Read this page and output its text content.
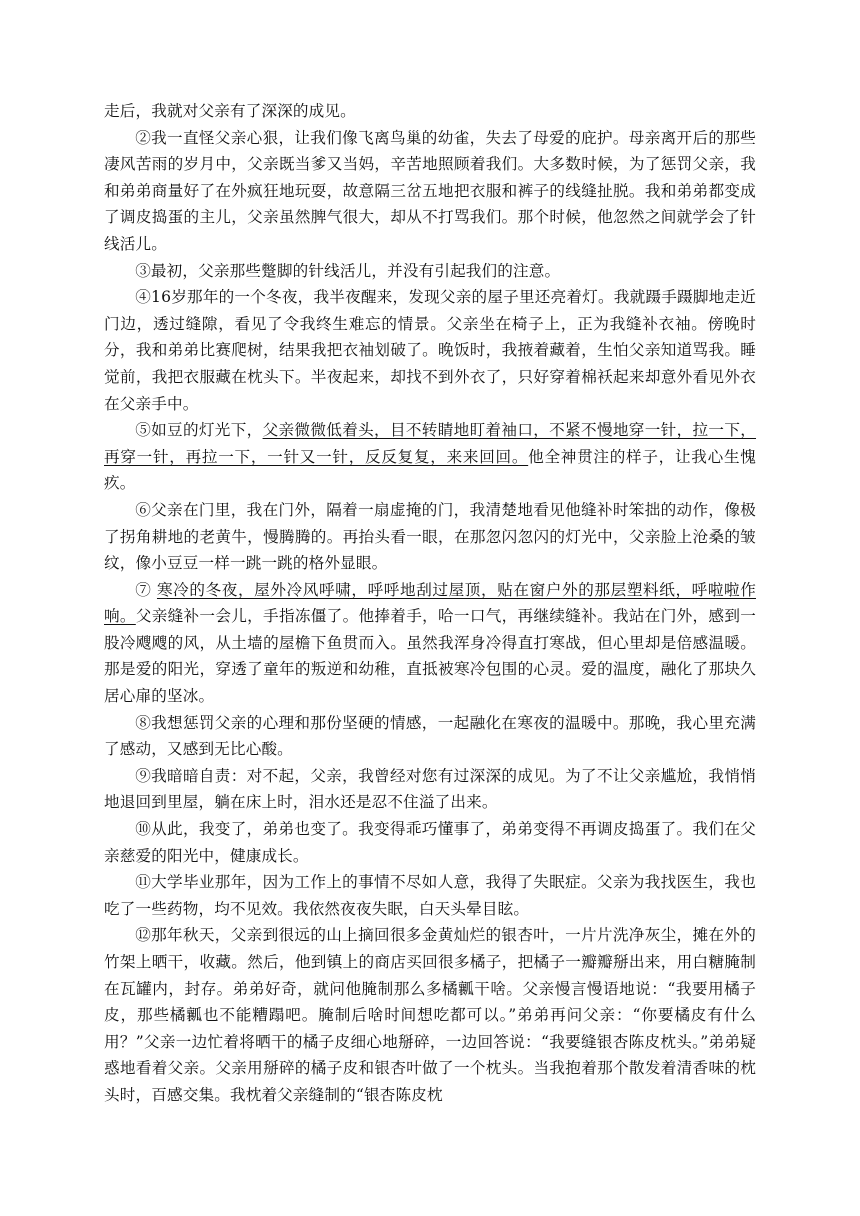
走后，我就对父亲有了深深的成见。

②我一直怪父亲心狠，让我们像飞离鸟巢的幼雀，失去了母爱的庇护。母亲离开后的那些凄风苦雨的岁月中，父亲既当爹又当妈，辛苦地照顾着我们。大多数时候，为了惩罚父亲，我和弟弟商量好了在外疯狂地玩耍，故意隔三岔五地把衣服和裤子的线缝扯脱。我和弟弟都变成了调皮捣蛋的主儿，父亲虽然脾气很大，却从不打骂我们。那个时候，他忽然之间就学会了针线活儿。

③最初，父亲那些蹩脚的针线活儿，并没有引起我们的注意。

④16岁那年的一个冬夜，我半夜醒来，发现父亲的屋子里还亮着灯。我就蹑手蹑脚地走近门边，透过缝隙，看见了令我终生难忘的情景。父亲坐在椅子上，正为我缝补衣袖。傍晚时分，我和弟弟比赛爬树，结果我把衣袖划破了。晚饭时，我掖着藏着，生怕父亲知道骂我。睡觉前，我把衣服藏在枕头下。半夜起来，却找不到外衣了，只好穿着棉袄起来却意外看见外衣在父亲手中。

⑤如豆的灯光下，父亲微微低着头，目不转睛地盯着袖口，不紧不慢地穿一针，拉一下，再穿一针，再拉一下，一针又一针，反反复复，来来回回。他全神贯注的样子，让我心生愧疚。

⑥父亲在门里，我在门外，隔着一扇虚掩的门，我清楚地看见他缝补时笨拙的动作，像极了拐角耕地的老黄牛，慢腾腾的。再抬头看一眼，在那忽闪忽闪的灯光中，父亲脸上沧桑的皱纹，像小豆豆一样一跳一跳的格外显眼。

⑦ 寒冷的冬夜，屋外冷风呼啸，呼呼地刮过屋顶，贴在窗户外的那层塑料纸，呼啦啦作响。父亲缝补一会儿，手指冻僵了。他捧着手，哈一口气，再继续缝补。我站在门外，感到一股冷飕飕的风，从土墙的屋檐下鱼贯而入。虽然我浑身冷得直打寒战，但心里却是倍感温暖。那是爱的阳光，穿透了童年的叛逆和幼稚，直抵被寒冷包围的心灵。爱的温度，融化了那块久居心扉的坚冰。

⑧我想惩罚父亲的心理和那份坚硬的情感，一起融化在寒夜的温暖中。那晚，我心里充满了感动，又感到无比心酸。

⑨我暗暗自责：对不起，父亲，我曾经对您有过深深的成见。为了不让父亲尴尬，我悄悄地退回到里屋，躺在床上时，泪水还是忍不住溢了出来。

⑩从此，我变了，弟弟也变了。我变得乖巧懂事了，弟弟变得不再调皮捣蛋了。我们在父亲慈爱的阳光中，健康成长。

⑪大学毕业那年，因为工作上的事情不尽如人意，我得了失眠症。父亲为我找医生，我也吃了一些药物，均不见效。我依然夜夜失眠，白天头晕目眩。

⑫那年秋天，父亲到很远的山上摘回很多金黄灿烂的银杏叶，一片片洗净灰尘，摊在外的竹架上晒干，收藏。然后，他到镇上的商店买回很多橘子，把橘子一瓣瓣掰出来，用白糖腌制在瓦罐内，封存。弟弟好奇，就问他腌制那么多橘瓤干啥。父亲慢言慢语地说：“我要用橘子皮，那些橘瓤也不能糟蹋吧。腌制后啥时间想吃都可以。”弟弟再问父亲：“你要橘皮有什么用？”父亲一边忙着将晒干的橘子皮细心地掰碎，一边回答说：“我要缝银杏陈皮枕头。”弟弟疑惑地看着父亲。父亲用掰碎的橘子皮和银杏叶做了一个枕头。当我抱着那个散发着清香味的枕头时，百感交集。我枕着父亲缝制的“银杏陈皮枕
